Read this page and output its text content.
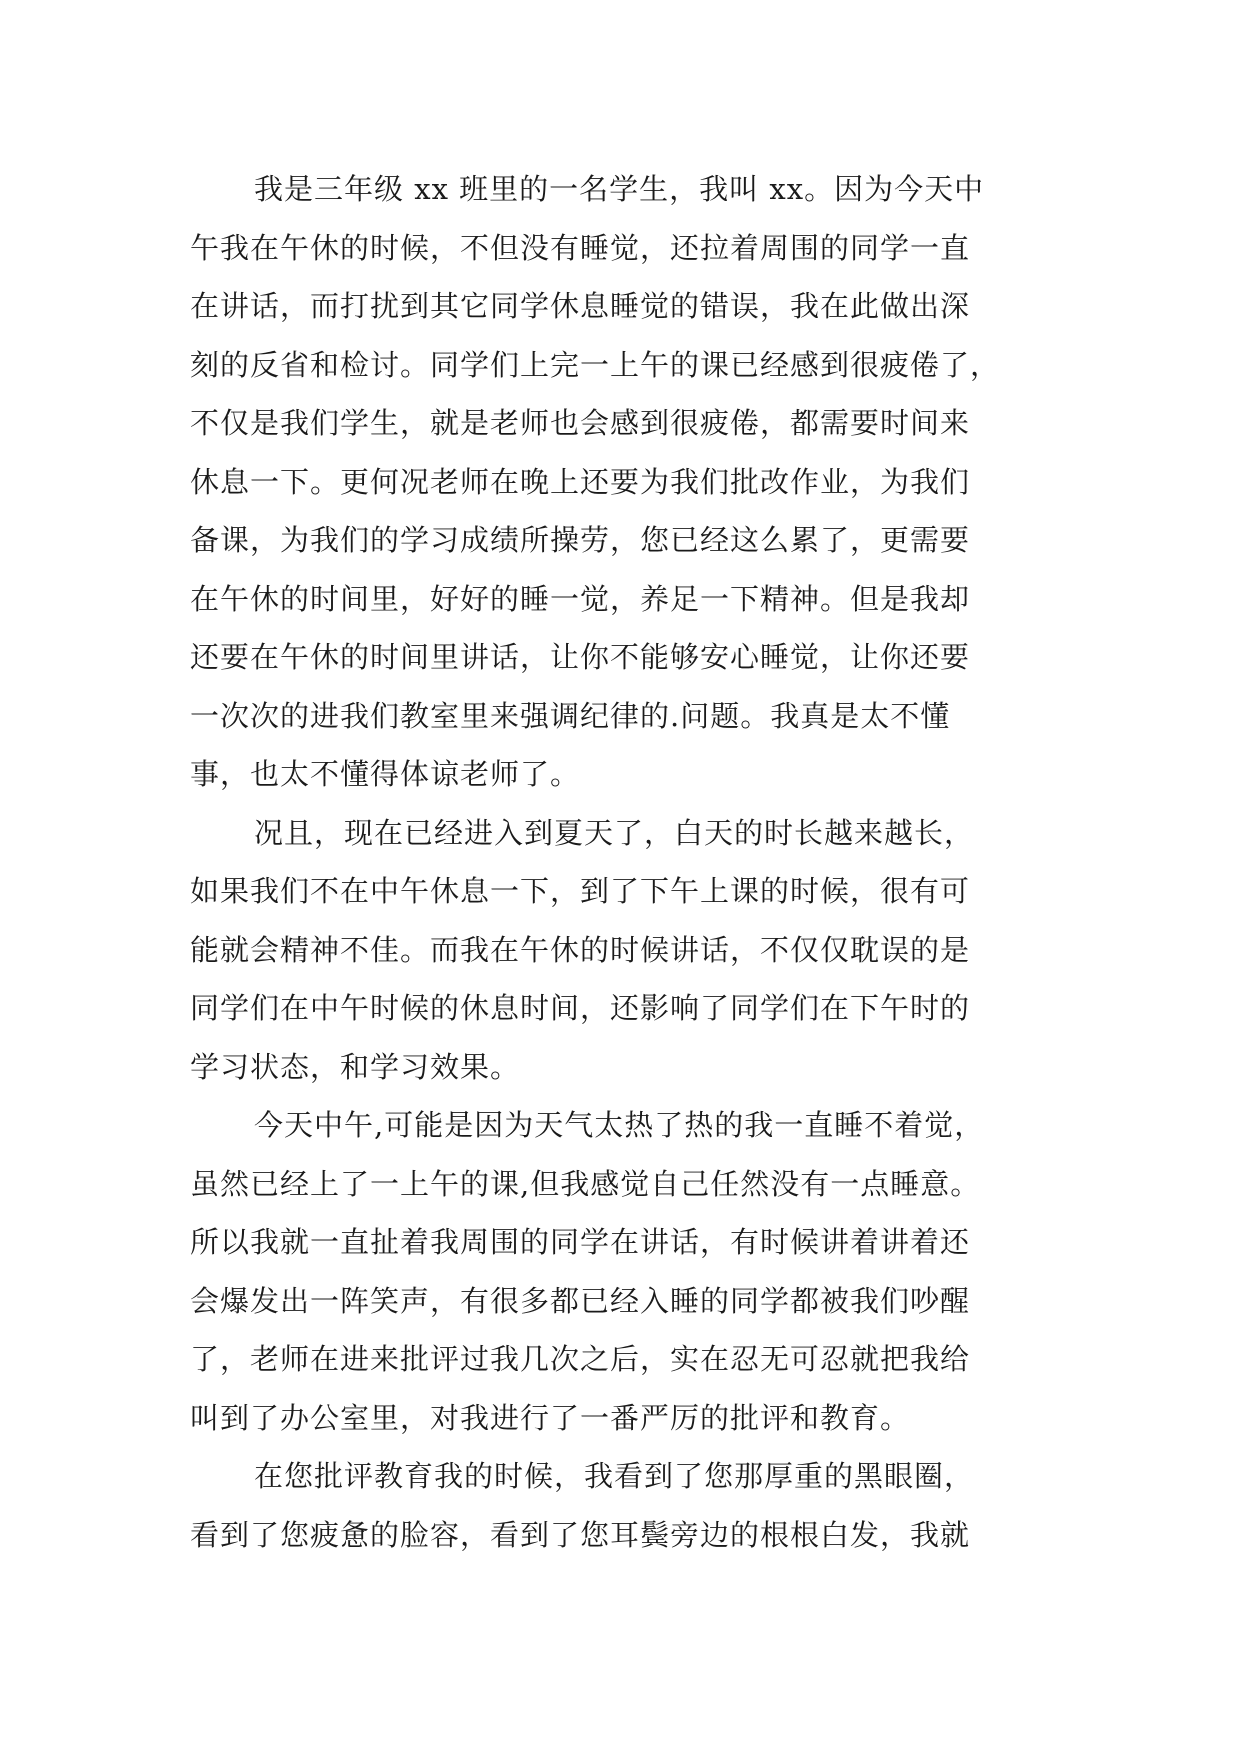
我是三年级 xx 班里的一名学生，我叫 xx。因为今天中
午我在午休的时候，不但没有睡觉，还拉着周围的同学一直
在讲话，而打扰到其它同学休息睡觉的错误，我在此做出深
刻的反省和检讨。同学们上完一上午的课已经感到很疲倦了，
不仅是我们学生，就是老师也会感到很疲倦，都需要时间来
休息一下。更何况老师在晚上还要为我们批改作业，为我们
备课，为我们的学习成绩所操劳，您已经这么累了，更需要
在午休的时间里，好好的睡一觉，养足一下精神。但是我却
还要在午休的时间里讲话，让你不能够安心睡觉，让你还要
一次次的进我们教室里来强调纪律的.问题。我真是太不懂
事，也太不懂得体谅老师了。
况且，现在已经进入到夏天了，白天的时长越来越长，
如果我们不在中午休息一下，到了下午上课的时候，很有可
能就会精神不佳。而我在午休的时候讲话，不仅仅耽误的是
同学们在中午时候的休息时间，还影响了同学们在下午时的
学习状态，和学习效果。
今天中午,可能是因为天气太热了热的我一直睡不着觉，
虽然已经上了一上午的课,但我感觉自己任然没有一点睡意。
所以我就一直扯着我周围的同学在讲话，有时候讲着讲着还
会爆发出一阵笑声，有很多都已经入睡的同学都被我们吵醒
了，老师在进来批评过我几次之后，实在忍无可忍就把我给
叫到了办公室里，对我进行了一番严厉的批评和教育。
在您批评教育我的时候，我看到了您那厚重的黑眼圈，
看到了您疲惫的脸容，看到了您耳鬓旁边的根根白发，我就
